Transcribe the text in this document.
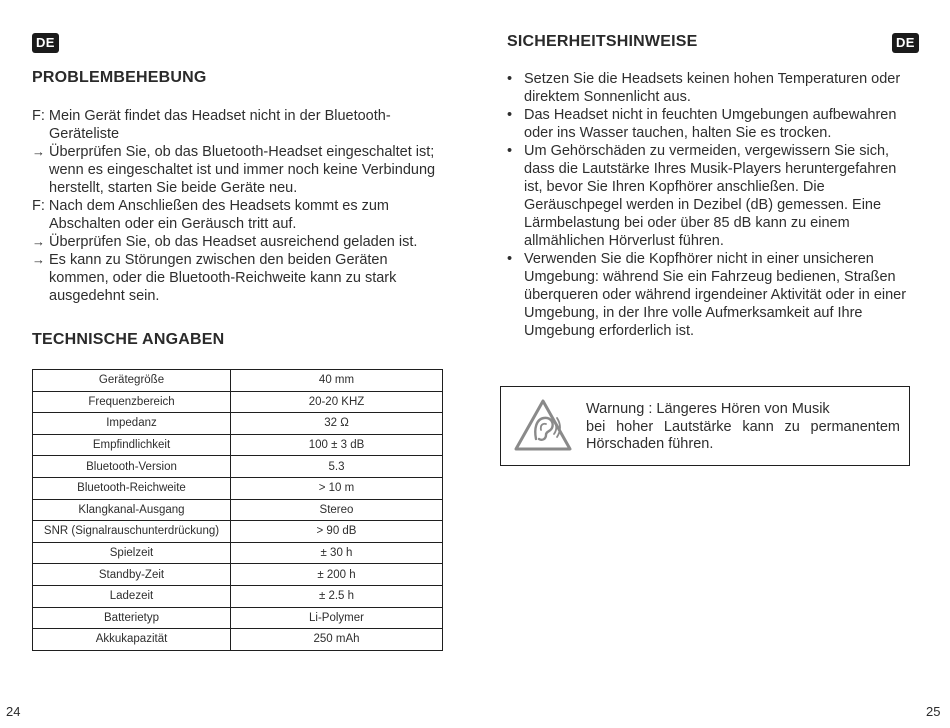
DE
PROBLEMBEHEBUNG
F: Mein Gerät findet das Headset nicht in der Bluetooth-Geräteliste
→ Überprüfen Sie, ob das Bluetooth-Headset eingeschaltet ist; wenn es eingeschaltet ist und immer noch keine Verbindung herstellt, starten Sie beide Geräte neu.
F: Nach dem Anschließen des Headsets kommt es zum Abschalten oder ein Geräusch tritt auf.
→ Überprüfen Sie, ob das Headset ausreichend geladen ist.
→ Es kann zu Störungen zwischen den beiden Geräten kommen, oder die Bluetooth-Reichweite kann zu stark ausgedehnt sein.
TECHNISCHE ANGABEN
Gerätegröße	40 mm
Frequenzbereich	20-20 KHZ
Impedanz	32 Ω
Empfindlichkeit	100 ± 3 dB
Bluetooth-Version	5.3
Bluetooth-Reichweite	> 10 m
Klangkanal-Ausgang	Stereo
SNR (Signalrauschunterdrückung)	> 90 dB
Spielzeit	± 30 h
Standby-Zeit	± 200 h
Ladezeit	± 2.5 h
Batterietyp	Li-Polymer
Akkukapazität	250 mAh
24
DE
SICHERHEITSHINWEISE
25
• Setzen Sie die Headsets keinen hohen Temperaturen oder direktem Sonnenlicht aus.
• Das Headset nicht in feuchten Umgebungen aufbewahren oder ins Wasser tauchen, halten Sie es trocken.
• Um Gehörschäden zu vermeiden, vergewissern Sie sich, dass die Lautstärke Ihres Musik-Players heruntergefahren ist, bevor Sie Ihren Kopfhörer anschließen. Die Geräuschpegel werden in Dezibel (dB) gemessen. Eine Lärmbelastung bei oder über 85 dB kann zu einem allmählichen Hörverlust führen.
• Verwenden Sie die Kopfhörer nicht in einer unsicheren Umgebung: während Sie ein Fahrzeug bedienen, Straßen überqueren oder während irgendeiner Aktivität oder in einer Umgebung, in der Ihre volle Aufmerksamkeit auf Ihre Umgebung erforderlich ist.
Warnung : Längeres Hören von Musik
bei hoher Lautstärke kann zu permanentem
Hörschaden führen.
